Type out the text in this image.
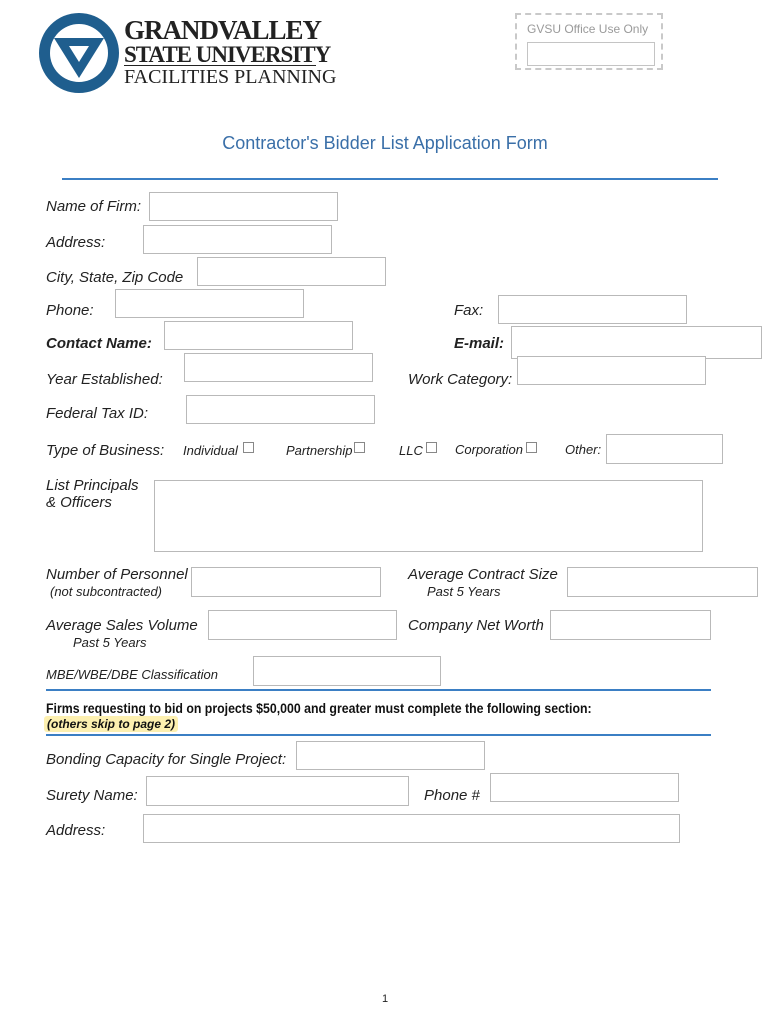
GRANDVALLEY
STATE UNIVERSITY
FACILITIES PLANNING
GVSU Office Use Only
Contractor's Bidder List Application Form
Name of Firm:
Address:
City, State, Zip Code
Phone:	Fax:
Contact Name:	E-mail:
Year Established:	Work Category:
Federal Tax ID:
Type of Business: Individual	Partnership	LLC Corporation	Other:
List Principals
& Officers
Number of Personnel
(not subcontracted)
Average Contract Size
Past 5 Years
Average Sales Volume
Past 5 Years
Company Net Worth
MBE/WBE/DBE Classification
Firms requesting to bid on projects $50,000 and greater must complete the following section:
(others skip to page 2)
Bonding Capacity for Single Project:
Surety Name:	Phone #
Address:
1
